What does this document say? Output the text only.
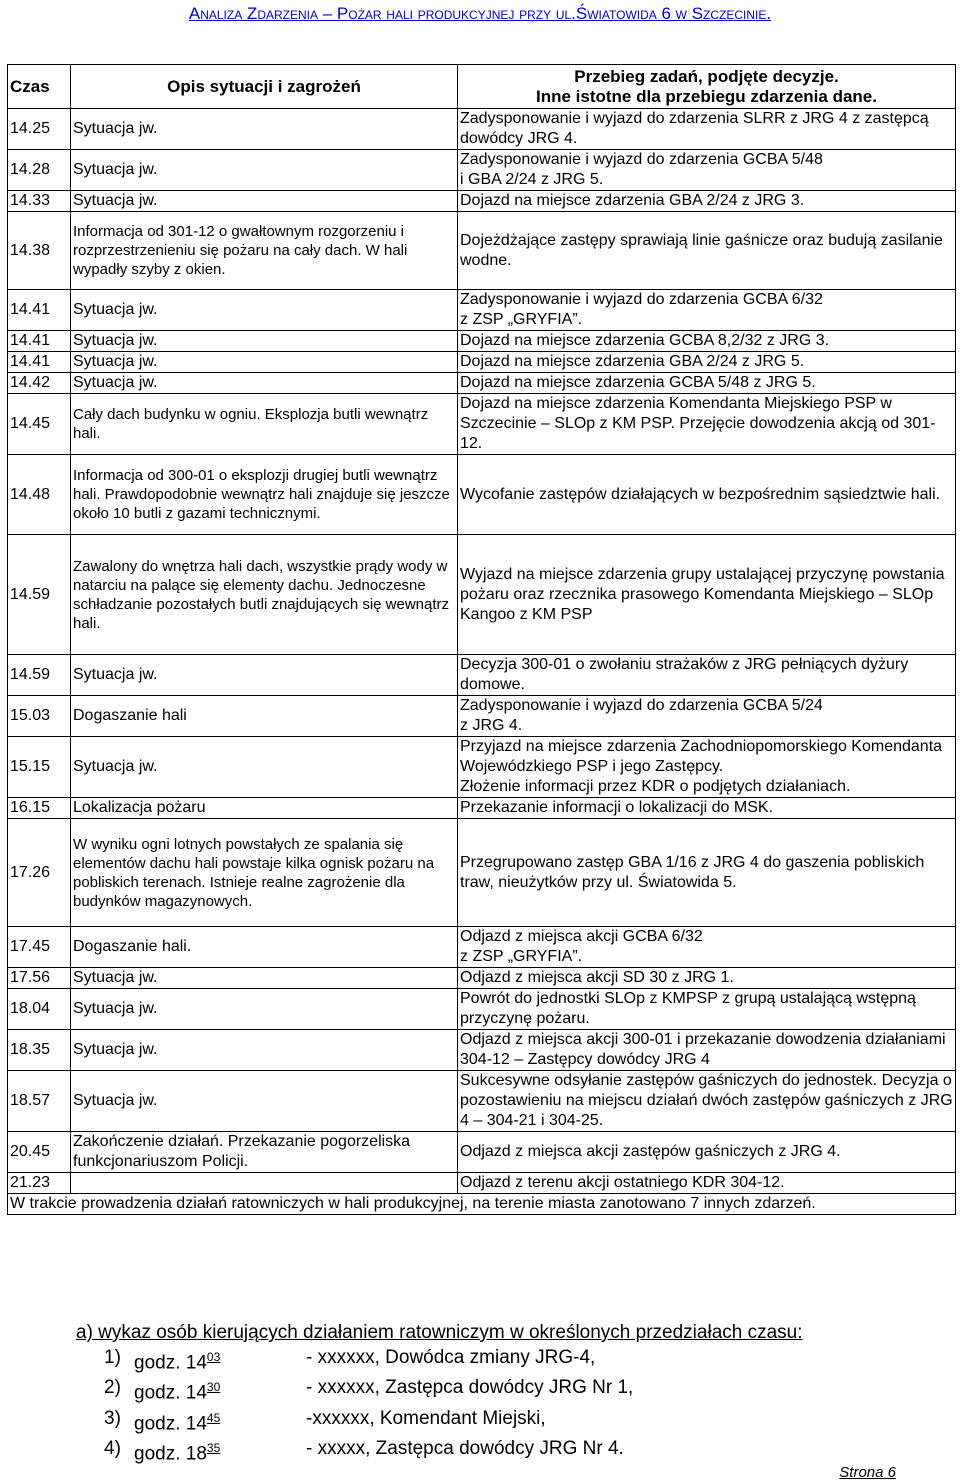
Analiza Zdarzenia – Pożar hali produkcyjnej przy ul.Światowida 6 w Szczecinie.
Czas	Opis sytuacji i zagrożeń	Przebieg zadań, podjęte decyzje.
Inne istotne dla przebiegu zdarzenia dane.
14.25	Sytuacja jw.	Zadysponowanie i wyjazd do zdarzenia SLRR z JRG 4 z zastępcą dowódcy JRG 4.
14.28	Sytuacja jw.	Zadysponowanie i wyjazd do zdarzenia GCBA 5/48
i GBA 2/24 z JRG 5.
14.33	Sytuacja jw.	Dojazd na miejsce zdarzenia GBA 2/24 z JRG 3.
14.38	Informacja od 301-12 o gwałtownym rozgorzeniu i rozprzestrzenieniu się pożaru na cały dach. W hali wypadły szyby z okien.	Dojeżdżające zastępy sprawiają linie gaśnicze oraz budują zasilanie wodne.
14.41	Sytuacja jw.	Zadysponowanie i wyjazd do zdarzenia GCBA 6/32
z ZSP „GRYFIA”.
14.41	Sytuacja jw.	Dojazd na miejsce zdarzenia GCBA 8,2/32 z JRG 3.
14.41	Sytuacja jw.	Dojazd na miejsce zdarzenia GBA 2/24 z JRG 5.
14.42	Sytuacja jw.	Dojazd na miejsce zdarzenia GCBA 5/48 z JRG 5.
14.45	Cały dach budynku w ogniu. Eksplozja butli wewnątrz hali.	Dojazd na miejsce zdarzenia Komendanta Miejskiego PSP w Szczecinie – SLOp z KM PSP. Przejęcie dowodzenia akcją od 301-12.
14.48	Informacja od 300-01 o eksplozji drugiej butli wewnątrz hali. Prawdopodobnie wewnątrz hali znajduje się jeszcze około 10 butli z gazami technicznymi.	Wycofanie zastępów działających w bezpośrednim sąsiedztwie hali.
14.59	Zawalony do wnętrza hali dach, wszystkie prądy wody w natarciu na palące się elementy dachu. Jednoczesne schładzanie pozostałych butli znajdujących się wewnątrz hali.	Wyjazd na miejsce zdarzenia grupy ustalającej przyczynę powstania pożaru oraz rzecznika prasowego Komendanta Miejskiego – SLOp Kangoo z KM PSP
14.59	Sytuacja jw.	Decyzja 300-01 o zwołaniu strażaków z JRG pełniących dyżury domowe.
15.03	Dogaszanie hali	Zadysponowanie i wyjazd do zdarzenia GCBA 5/24
z JRG 4.
15.15	Sytuacja jw.	Przyjazd na miejsce zdarzenia Zachodniopomorskiego Komendanta Wojewódzkiego PSP i jego Zastępcy.
Złożenie informacji przez KDR o podjętych działaniach.
16.15	Lokalizacja pożaru	Przekazanie informacji o lokalizacji do MSK.
17.26	W wyniku ogni lotnych powstałych ze spalania się elementów dachu hali powstaje kilka ognisk pożaru na pobliskich terenach. Istnieje realne zagrożenie dla budynków magazynowych.	Przegrupowano zastęp GBA 1/16 z JRG 4 do gaszenia pobliskich traw, nieużytków przy ul. Światowida 5.
17.45	Dogaszanie hali.	Odjazd z miejsca akcji GCBA 6/32
z ZSP „GRYFIA”.
17.56	Sytuacja jw.	Odjazd z miejsca akcji SD 30 z JRG 1.
18.04	Sytuacja jw.	Powrót do jednostki SLOp z KMPSP z grupą ustalającą wstępną przyczynę pożaru.
18.35	Sytuacja jw.	Odjazd z miejsca akcji 300-01 i przekazanie dowodzenia działaniami 304-12 – Zastępcy dowódcy JRG 4
18.57	Sytuacja jw.	Sukcesywne odsyłanie zastępów gaśniczych do jednostek. Decyzja o pozostawieniu na miejscu działań dwóch zastępów gaśniczych z JRG 4 – 304-21 i 304-25.
20.45	Zakończenie działań. Przekazanie pogorzeliska funkcjonariuszom Policji.	Odjazd z miejsca akcji zastępów gaśniczych z JRG 4.
21.23		Odjazd z terenu akcji ostatniego KDR 304-12.
W trakcie prowadzenia działań ratowniczych w hali produkcyjnej, na terenie miasta zanotowano 7 innych zdarzeń.		
a) wykaz osób kierujących działaniem ratowniczym w określonych przedziałach czasu:
1) godz. $14^{03}$	- xxxxxx, Dowódca zmiany JRG-4,
2) godz. $14^{30}$	- xxxxxx, Zastępca dowódcy JRG Nr 1,
3) godz. $14^{45}$	-xxxxxx, Komendant Miejski,
4) godz. $18^{35}$	- xxxxx, Zastępca dowódcy JRG Nr 4.
Strona 6
